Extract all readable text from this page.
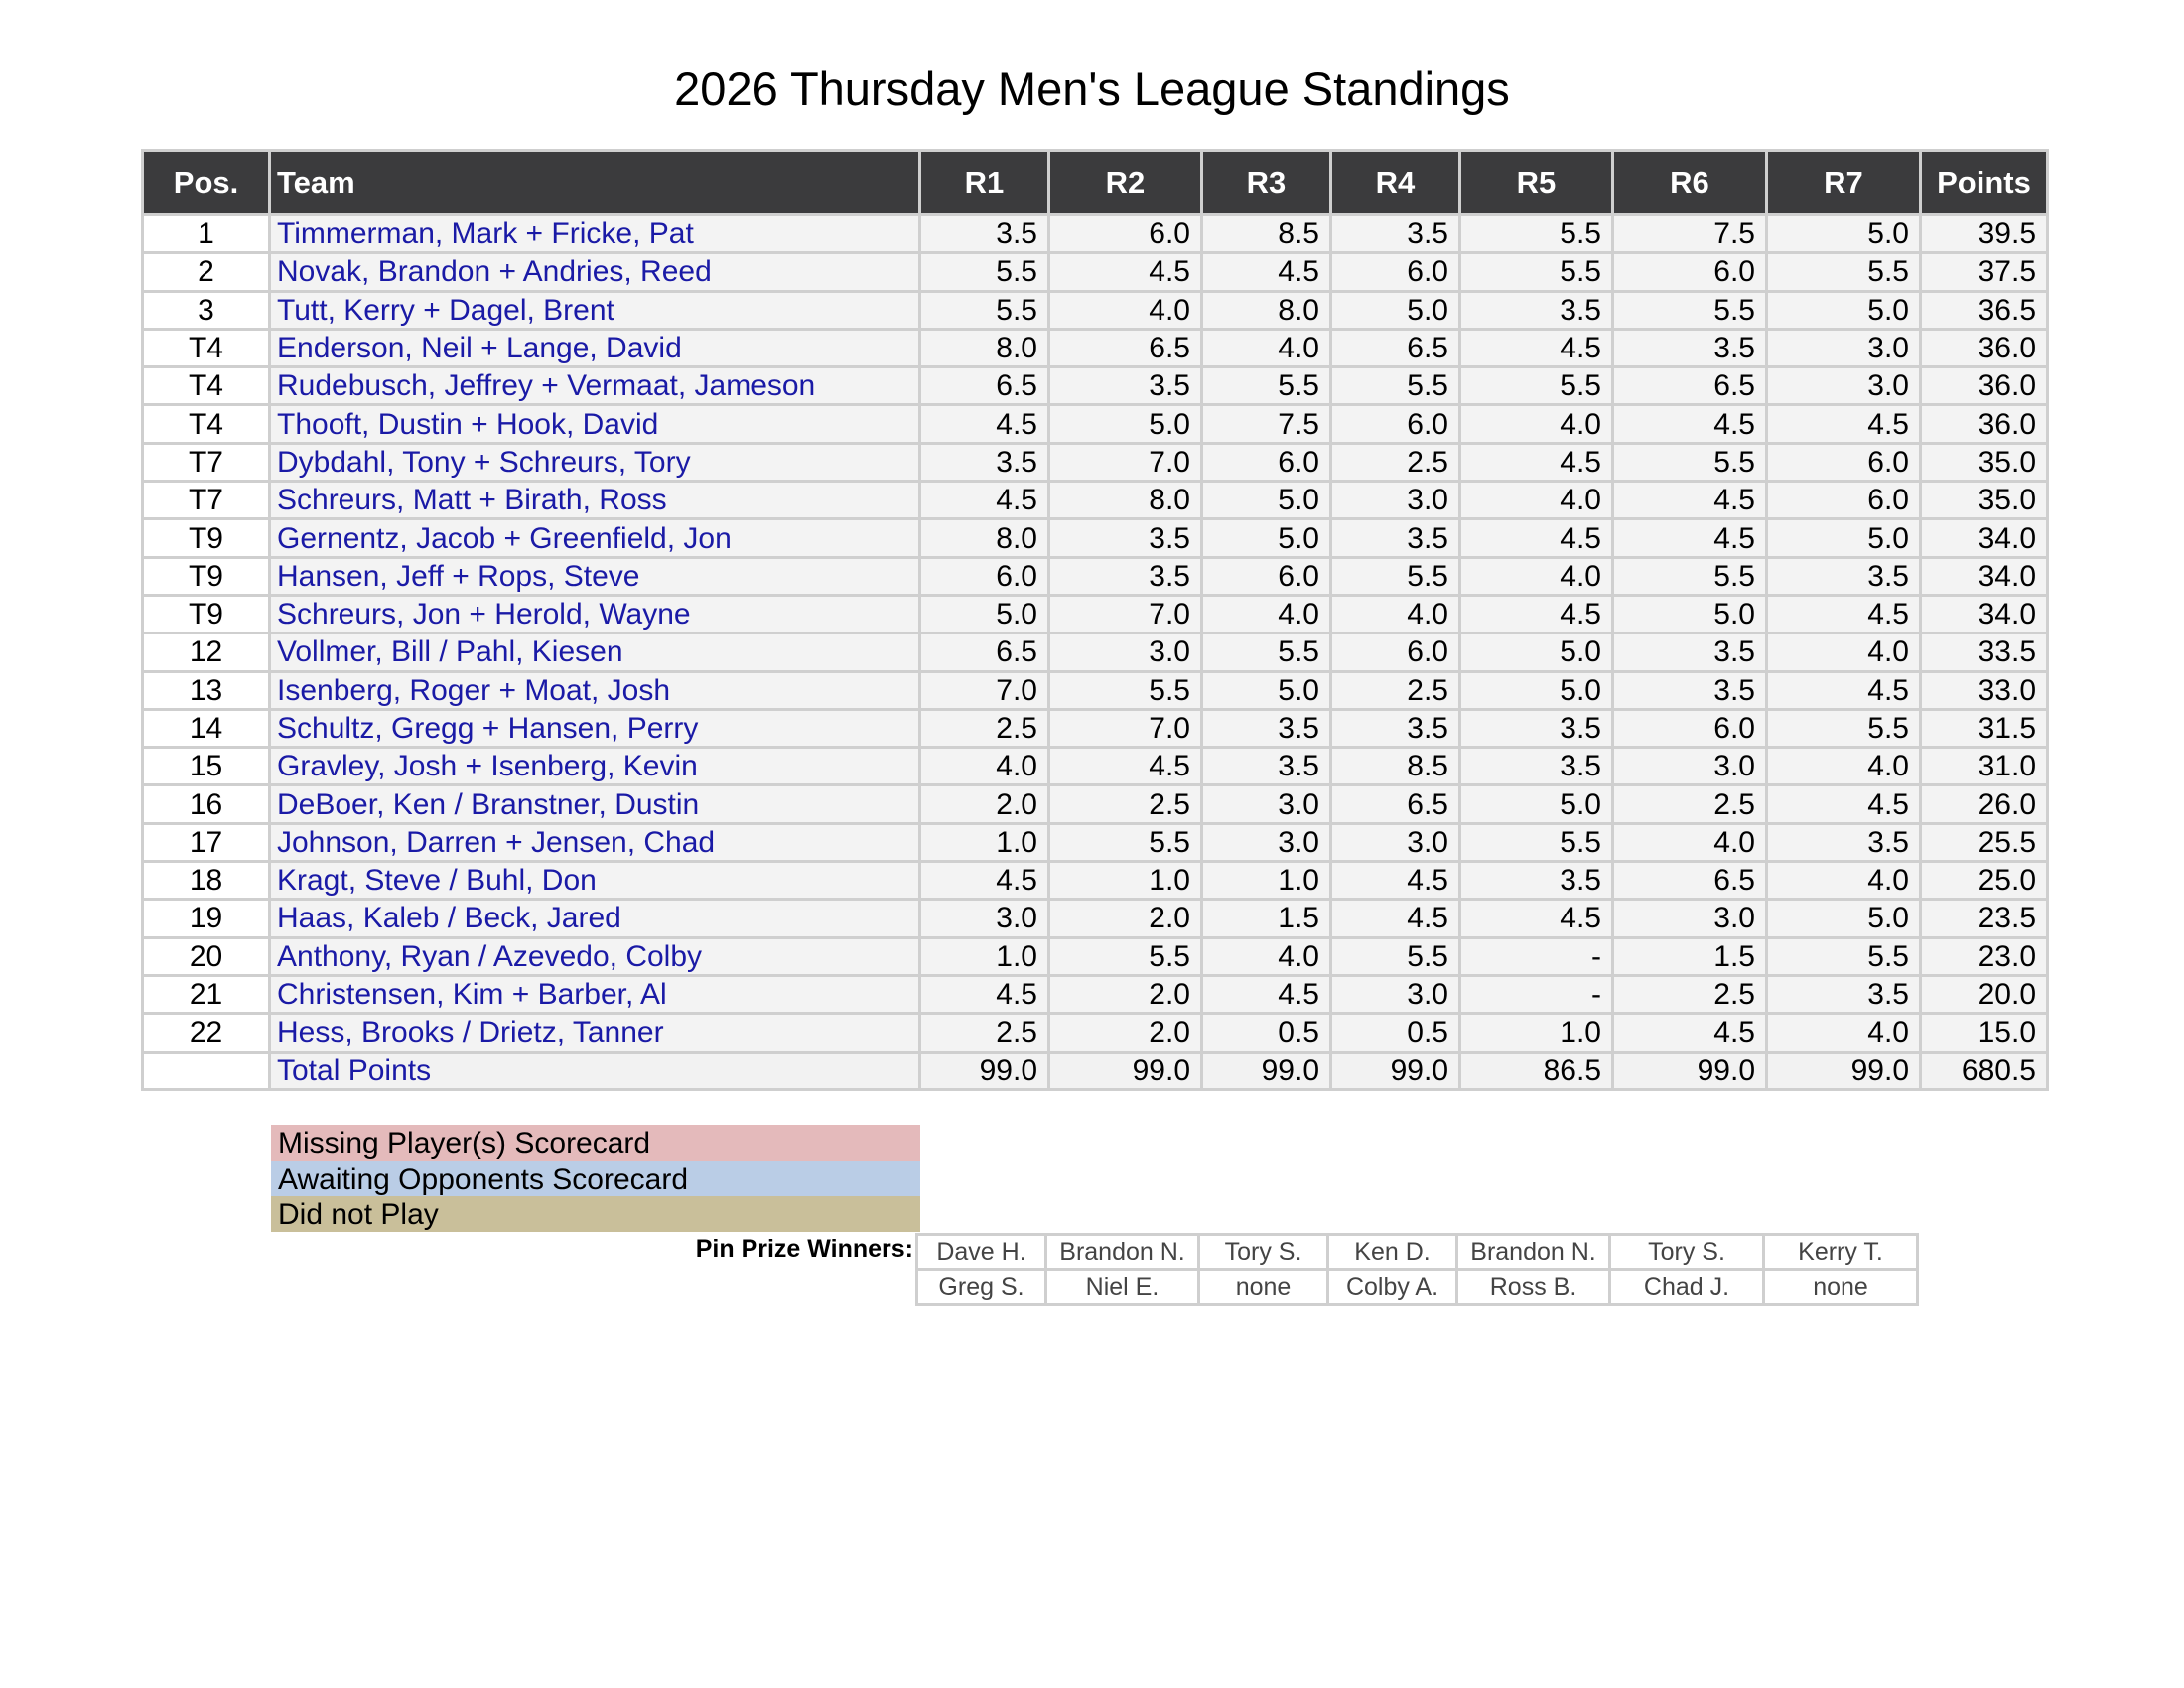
2026 Thursday Men's League Standings
Pos.	Team	R1	R2	R3	R4	R5	R6	R7	Points
1	Timmerman, Mark + Fricke, Pat	3.5	6.0	8.5	3.5	5.5	7.5	5.0	39.5
2	Novak, Brandon + Andries, Reed	5.5	4.5	4.5	6.0	5.5	6.0	5.5	37.5
3	Tutt, Kerry + Dagel, Brent	5.5	4.0	8.0	5.0	3.5	5.5	5.0	36.5
T4	Enderson, Neil + Lange, David	8.0	6.5	4.0	6.5	4.5	3.5	3.0	36.0
T4	Rudebusch, Jeffrey + Vermaat, Jameson	6.5	3.5	5.5	5.5	5.5	6.5	3.0	36.0
T4	Thooft, Dustin + Hook, David	4.5	5.0	7.5	6.0	4.0	4.5	4.5	36.0
T7	Dybdahl, Tony + Schreurs, Tory	3.5	7.0	6.0	2.5	4.5	5.5	6.0	35.0
T7	Schreurs, Matt + Birath, Ross	4.5	8.0	5.0	3.0	4.0	4.5	6.0	35.0
T9	Gernentz, Jacob + Greenfield, Jon	8.0	3.5	5.0	3.5	4.5	4.5	5.0	34.0
T9	Hansen, Jeff + Rops, Steve	6.0	3.5	6.0	5.5	4.0	5.5	3.5	34.0
T9	Schreurs, Jon + Herold, Wayne	5.0	7.0	4.0	4.0	4.5	5.0	4.5	34.0
12	Vollmer, Bill / Pahl, Kiesen	6.5	3.0	5.5	6.0	5.0	3.5	4.0	33.5
13	Isenberg, Roger + Moat, Josh	7.0	5.5	5.0	2.5	5.0	3.5	4.5	33.0
14	Schultz, Gregg + Hansen, Perry	2.5	7.0	3.5	3.5	3.5	6.0	5.5	31.5
15	Gravley, Josh + Isenberg, Kevin	4.0	4.5	3.5	8.5	3.5	3.0	4.0	31.0
16	DeBoer, Ken / Branstner, Dustin	2.0	2.5	3.0	6.5	5.0	2.5	4.5	26.0
17	Johnson, Darren + Jensen, Chad	1.0	5.5	3.0	3.0	5.5	4.0	3.5	25.5
18	Kragt, Steve / Buhl, Don	4.5	1.0	1.0	4.5	3.5	6.5	4.0	25.0
19	Haas, Kaleb / Beck, Jared	3.0	2.0	1.5	4.5	4.5	3.0	5.0	23.5
20	Anthony, Ryan / Azevedo, Colby	1.0	5.5	4.0	5.5	-	1.5	5.5	23.0
21	Christensen, Kim + Barber, Al	4.5	2.0	4.5	3.0	-	2.5	3.5	20.0
22	Hess, Brooks / Drietz, Tanner	2.5	2.0	0.5	0.5	1.0	4.5	4.0	15.0
	Total Points	99.0	99.0	99.0	99.0	86.5	99.0	99.0	680.5
Missing Player(s) Scorecard
Awaiting Opponents Scorecard
Did not Play
Pin Prize Winners: Dave H.	Brandon N.	Tory S.	Ken D.	Brandon N.	Tory S.	Kerry T.
Greg S.	Niel E.	none	Colby A.	Ross B.	Chad J.	none
